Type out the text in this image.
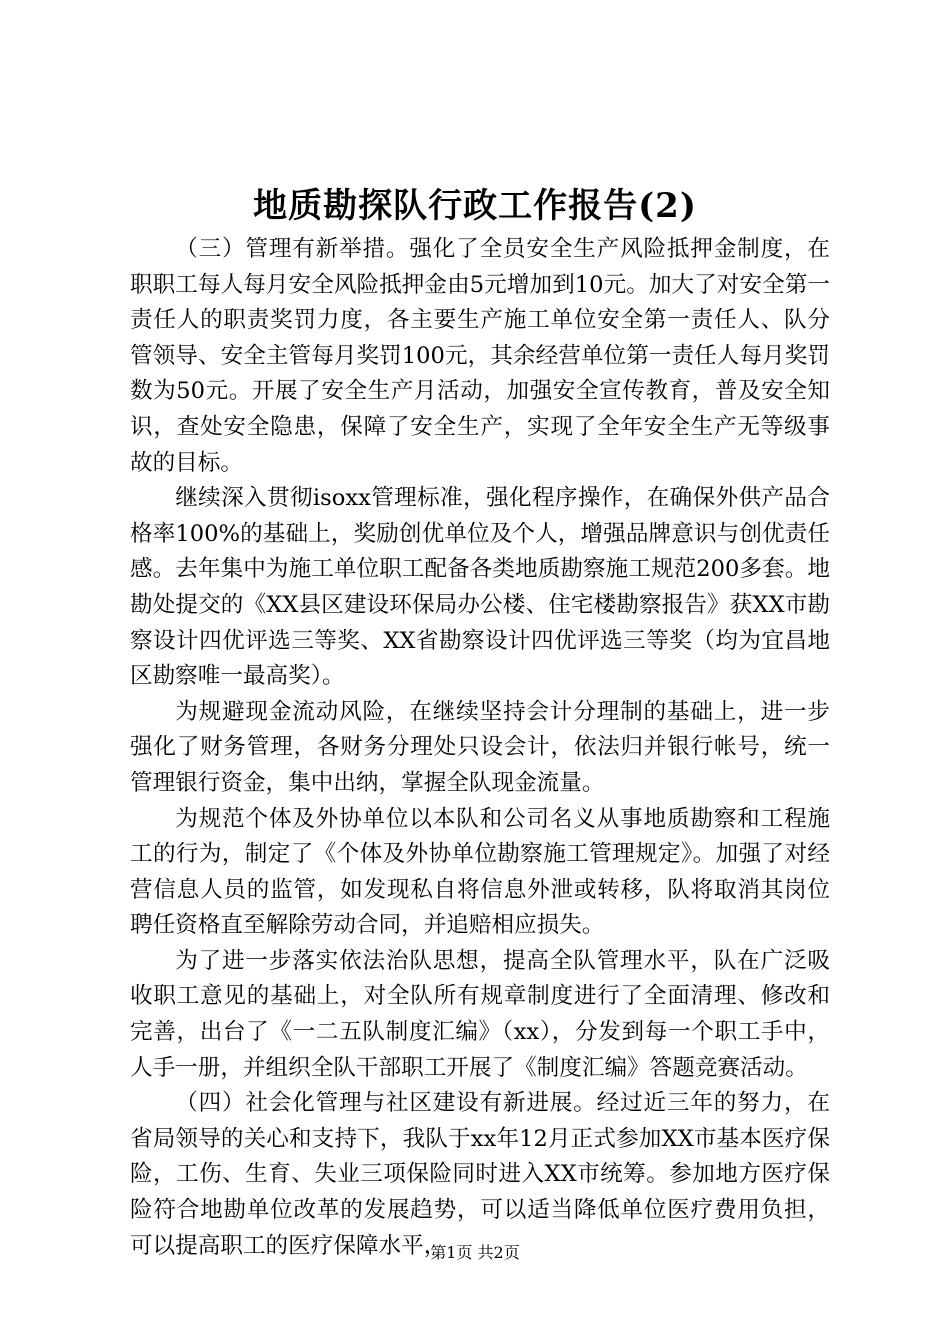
地质勘探队行政工作报告(2)

（三）管理有新举措。强化了全员安全生产风险抵押金制度，在职职工每人每月安全风险抵押金由5元增加到10元。加大了对安全第一责任人的职责奖罚力度，各主要生产施工单位安全第一责任人、队分管领导、安全主管每月奖罚100元，其余经营单位第一责任人每月奖罚数为50元。开展了安全生产月活动，加强安全宣传教育，普及安全知识，查处安全隐患，保障了安全生产，实现了全年安全生产无等级事故的目标。

继续深入贯彻isoxx管理标准，强化程序操作，在确保外供产品合格率100%的基础上，奖励创优单位及个人，增强品牌意识与创优责任感。去年集中为施工单位职工配备各类地质勘察施工规范200多套。地勘处提交的《XX县区建设环保局办公楼、住宅楼勘察报告》获XX市勘察设计四优评选三等奖、XX省勘察设计四优评选三等奖（均为宜昌地区勘察唯一最高奖）。

为规避现金流动风险，在继续坚持会计分理制的基础上，进一步强化了财务管理，各财务分理处只设会计，依法归并银行帐号，统一管理银行资金，集中出纳，掌握全队现金流量。

为规范个体及外协单位以本队和公司名义从事地质勘察和工程施工的行为，制定了《个体及外协单位勘察施工管理规定》。加强了对经营信息人员的监管，如发现私自将信息外泄或转移，队将取消其岗位聘任资格直至解除劳动合同，并追赔相应损失。

为了进一步落实依法治队思想，提高全队管理水平，队在广泛吸收职工意见的基础上，对全队所有规章制度进行了全面清理、修改和完善，出台了《一二五队制度汇编》（xx），分发到每一个职工手中，人手一册，并组织全队干部职工开展了《制度汇编》答题竞赛活动。

（四）社会化管理与社区建设有新进展。经过近三年的努力，在省局领导的关心和支持下，我队于xx年12月正式参加XX市基本医疗保险，工伤、生育、失业三项保险同时进入XX市统筹。参加地方医疗保险符合地勘单位改革的发展趋势，可以适当降低单位医疗费用负担，可以提高职工的医疗保障水平，

第1页 共2页
